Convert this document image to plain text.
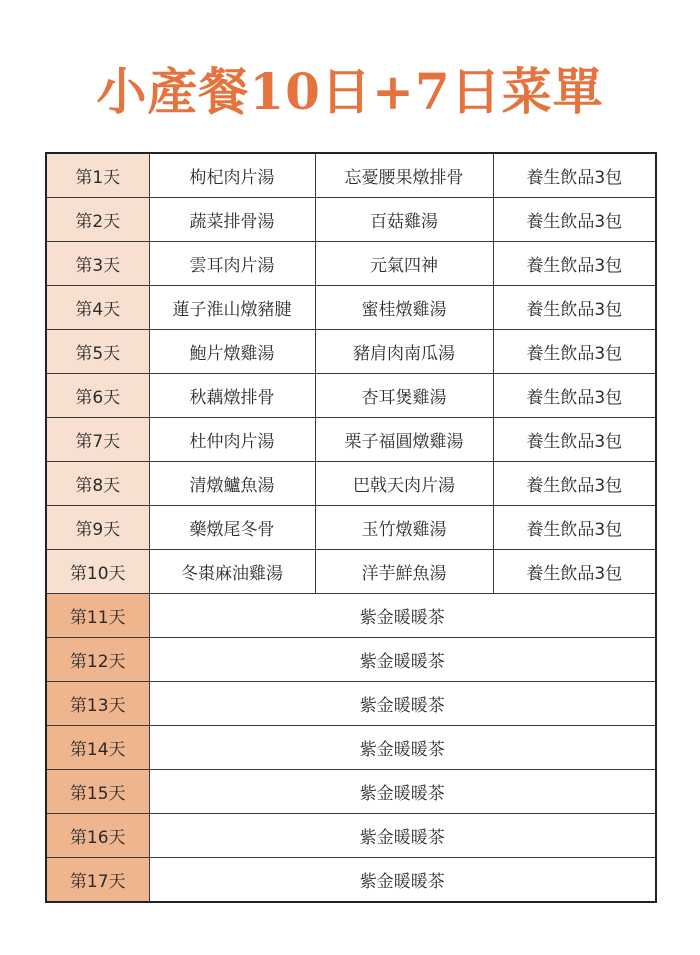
小產餐10日+7日菜單
第1天	枸杞肉片湯	忘憂腰果燉排骨	養生飲品3包
第2天	蔬菜排骨湯	百菇雞湯	養生飲品3包
第3天	雲耳肉片湯	元氣四神	養生飲品3包
第4天	蓮子淮山燉豬腱	蜜桂燉雞湯	養生飲品3包
第5天	鮑片燉雞湯	豬肩肉南瓜湯	養生飲品3包
第6天	秋藕燉排骨	杏耳煲雞湯	養生飲品3包
第7天	杜仲肉片湯	栗子福圓燉雞湯	養生飲品3包
第8天	清燉鱸魚湯	巴戟天肉片湯	養生飲品3包
第9天	藥燉尾冬骨	玉竹燉雞湯	養生飲品3包
第10天	冬棗麻油雞湯	洋芋鮮魚湯	養生飲品3包
第11天	紫金暖暖茶		
第12天	紫金暖暖茶		
第13天	紫金暖暖茶		
第14天	紫金暖暖茶		
第15天	紫金暖暖茶		
第16天	紫金暖暖茶		
第17天	紫金暖暖茶		
